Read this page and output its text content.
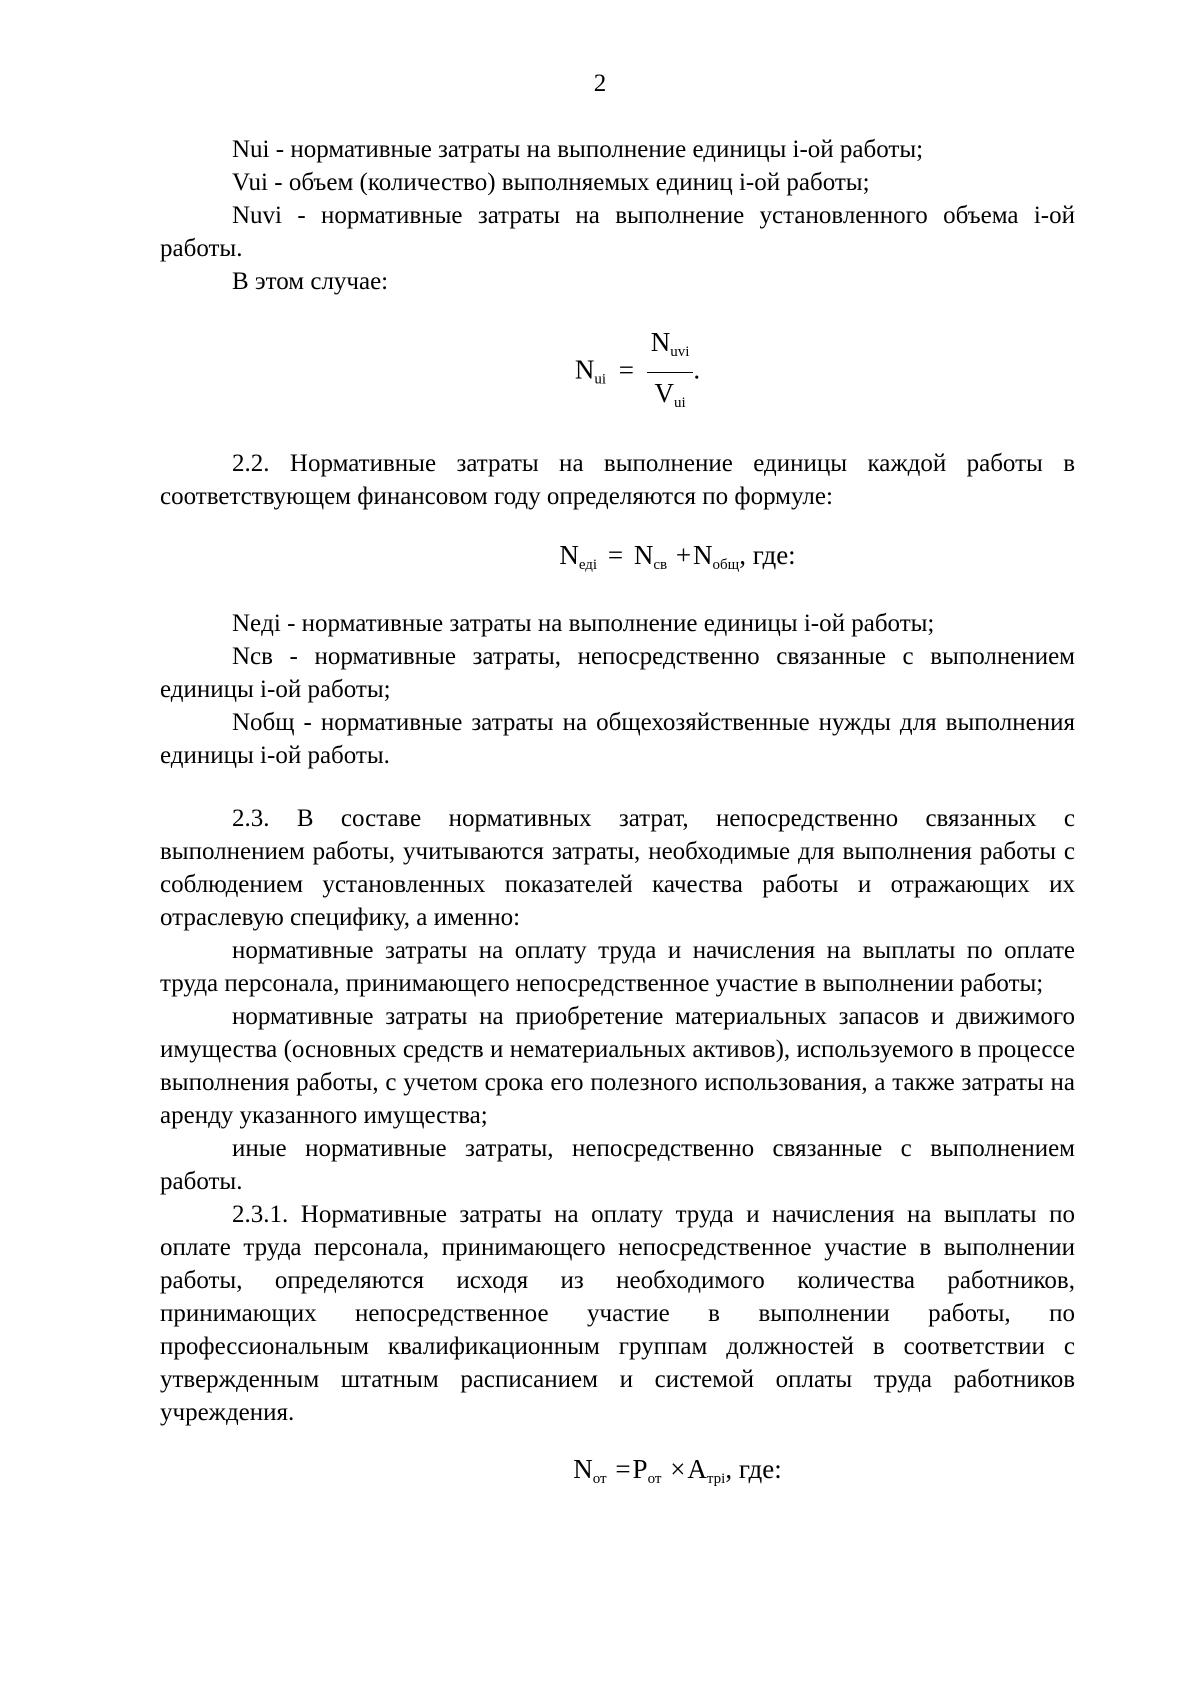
2

Nui - нормативные затраты на выполнение единицы i-ой работы;

Vui - объем (количество) выполняемых единиц i-ой работы;

Nuvi - нормативные затраты на выполнение установленного объема i-ой работы.

В этом случае:

$N_{ui} = \frac{N_{uvi}}{V_{ui}}$ .

2.2. Нормативные затраты на выполнение единицы каждой работы в соответствующем финансовом году определяются по формуле:

$N_{еді} = N_{св} +N_{общ}$, где:

Neді - нормативные затраты на выполнение единицы i-ой работы;

Nсв - нормативные затраты, непосредственно связанные с выполнением единицы i-ой работы;

Nобщ - нормативные затраты на общехозяйственные нужды для выполнения единицы i-ой работы.

2.3. В составе нормативных затрат, непосредственно связанных с выполнением работы, учитываются затраты, необходимые для выполнения работы с соблюдением установленных показателей качества работы и отражающих их отраслевую специфику, а именно:

нормативные затраты на оплату труда и начисления на выплаты по оплате труда персонала, принимающего непосредственное участие в выполнении работы;

нормативные затраты на приобретение материальных запасов и движимого имущества (основных средств и нематериальных активов), используемого в процессе выполнения работы, с учетом срока его полезного использования, а также затраты на аренду указанного имущества;

иные нормативные затраты, непосредственно связанные с выполнением работы.

2.3.1. Нормативные затраты на оплату труда и начисления на выплаты по оплате труда персонала, принимающего непосредственное участие в выполнении работы, определяются исходя из необходимого количества работников, принимающих непосредственное участие в выполнении работы, по профессиональным квалификационным группам должностей в соответствии с утвержденным штатным расписанием и системой оплаты труда работников учреждения.

$N_{от} =P_{от} \times A_{трі}$, где:
